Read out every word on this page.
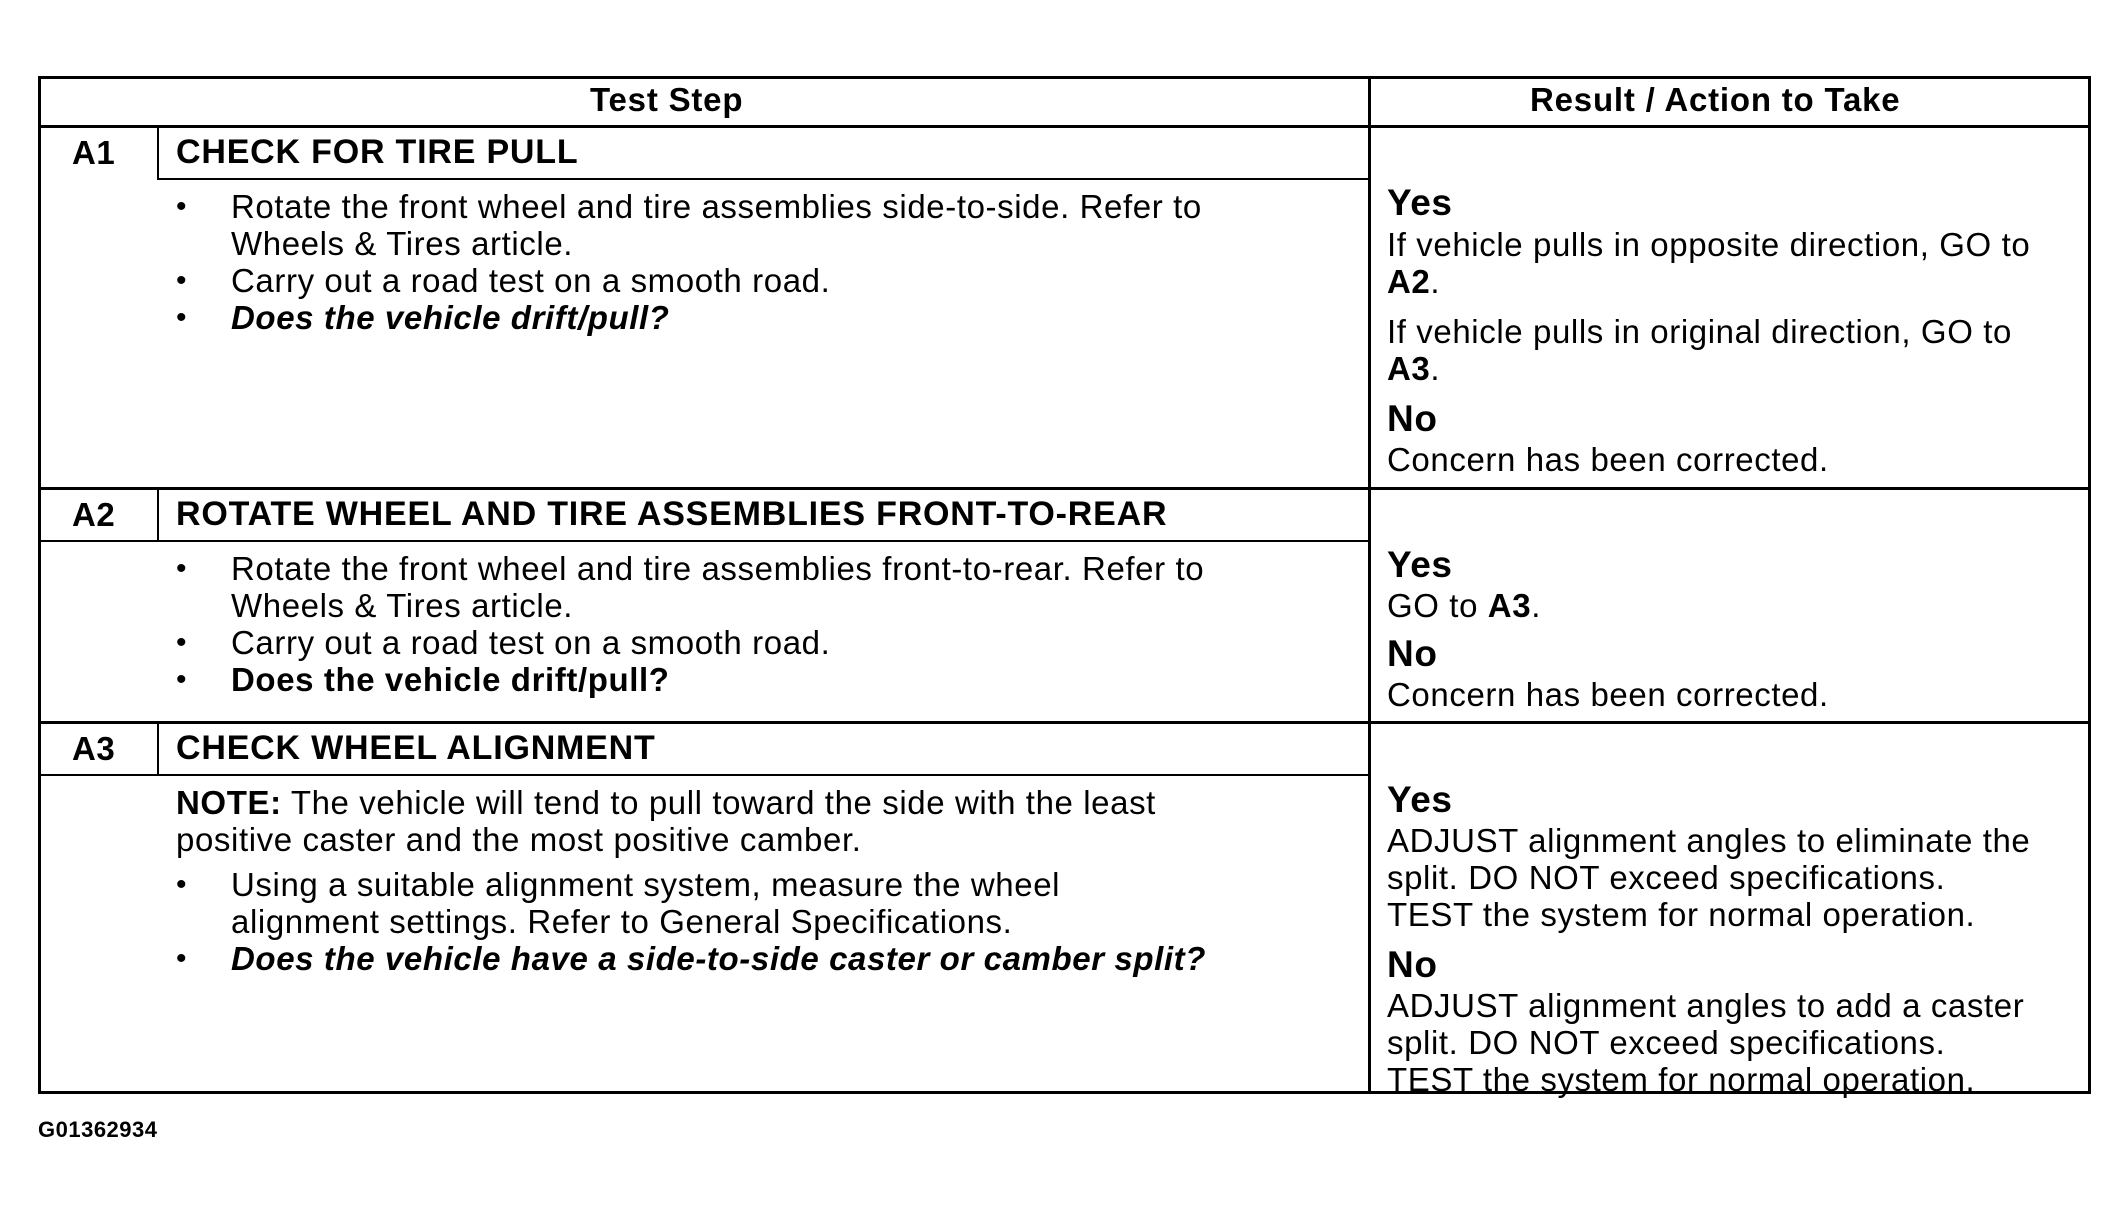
Test Step	Result / Action to Take
A1 CHECK FOR TIRE PULL
• Rotate the front wheel and tire assemblies side-to-side. Refer to
Wheels & Tires article.
• Carry out a road test on a smooth road.
• Does the vehicle drift/pull?
Yes
If vehicle pulls in opposite direction, GO to
A2.
If vehicle pulls in original direction, GO to
A3.
No
Concern has been corrected.
A2 ROTATE WHEEL AND TIRE ASSEMBLIES FRONT-TO-REAR
• Rotate the front wheel and tire assemblies front-to-rear. Refer to
Wheels & Tires article.
• Carry out a road test on a smooth road.
• Does the vehicle drift/pull?
Yes
GO to A3.
No
Concern has been corrected.
A3 CHECK WHEEL ALIGNMENT
NOTE: The vehicle will tend to pull toward the side with the least
positive caster and the most positive camber.
• Using a suitable alignment system, measure the wheel
alignment settings. Refer to General Specifications.
• Does the vehicle have a side-to-side caster or camber split?
Yes
ADJUST alignment angles to eliminate the
split. DO NOT exceed specifications.
TEST the system for normal operation.
No
ADJUST alignment angles to add a caster
split. DO NOT exceed specifications.
TEST the system for normal operation.
G01362934
